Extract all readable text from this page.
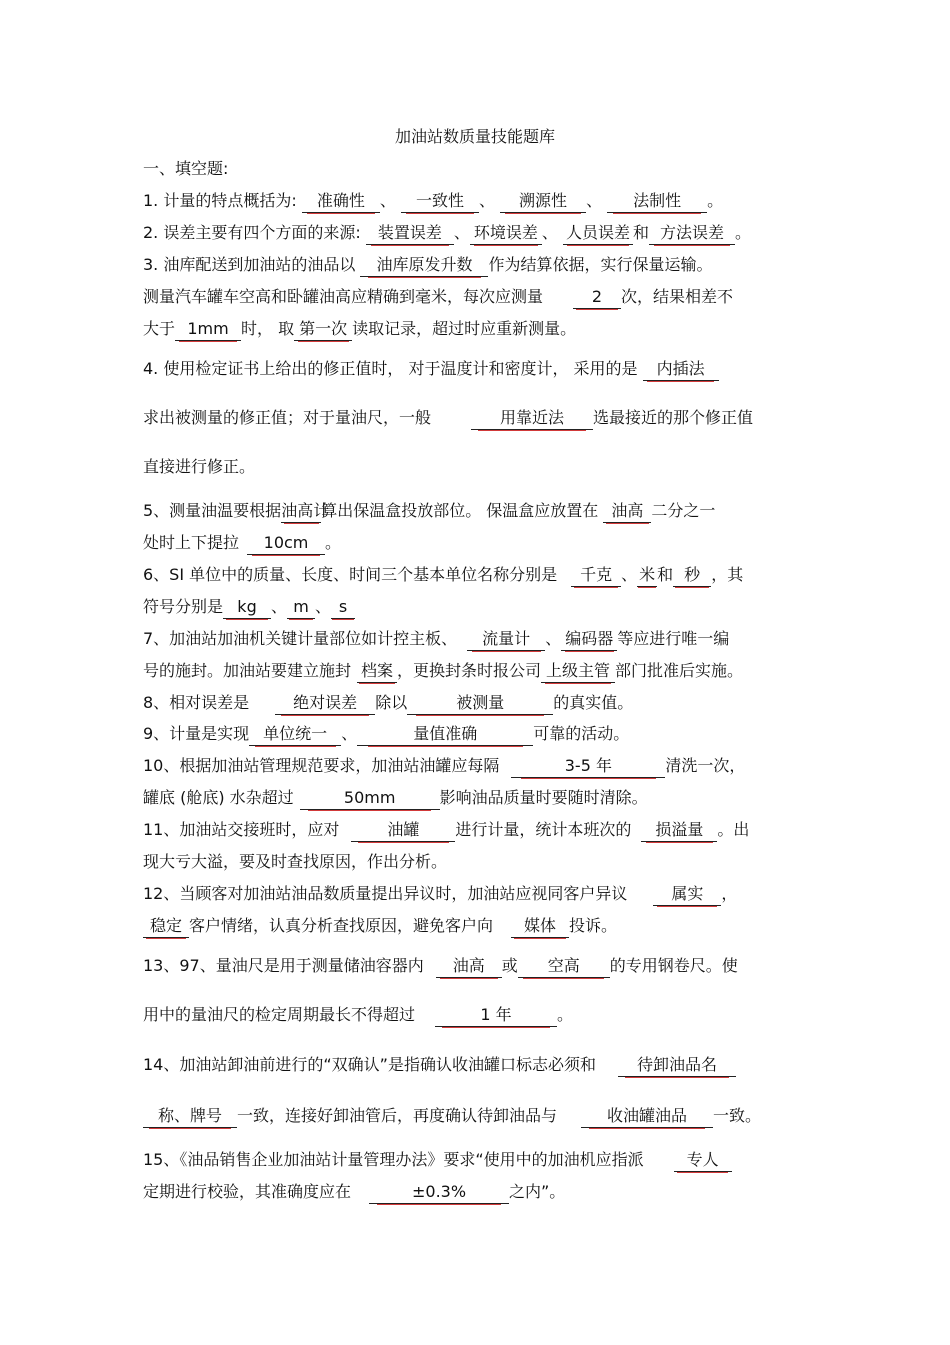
加油站数质量技能题库
一、填空题:
1. 计量的特点概括为: 准确性 、 一致性 、 溯源性 、 法制性 。
2. 误差主要有四个方面的来源: 装置误差 、 环境误差 、 人员误差 和 方法误差 。
3. 油库配送到加油站的油品以 油库原发升数 作为结算依据，实行保量运输。
测量汽车罐车空高和卧罐油高应精确到毫米，每次应测量	2 次，结果相差不
大于 1mm 时， 取 第一次 读取记录，超过时应重新测量。
4. 使用检定证书上给出的修正值时， 对于温度计和密度计， 采用的是 内插法
求出被测量的修正值；对于量油尺，一般	用靠近法 选最接近的那个修正值
直接进行修正。
5、测量油温要根据油高计算出保温盒投放部位。 保温盒应放置在 油高 二分之一
处时上下提拉 10cm 。
6、SI 单位中的质量、长度、时间三个基本单位名称分别是 千克 、 米 和 秒 ，其
符号分别是 kg 、 m 、 s
7、加油站加油机关键计量部位如计控主板、 流量计 、 编码器 等应进行唯一编
号的施封。加油站要建立施封 档案 ，更换封条时报公司 上级主管 部门批准后实施。
8、相对误差是	绝对误差 除以	被测量	的真实值。
9、计量是实现 单位统一 、	量值准确	可靠的活动。
10、根据加油站管理规范要求，加油站油罐应每隔	3-5 年	清洗一次，
罐底 (舱底) 水杂超过	50mm	影响油品质量时要随时清除。
11、加油站交接班时，应对	油罐 进行计量，统计本班次的 损溢量 。出
现大亏大溢，要及时查找原因，作出分析。
12、当顾客对加油站油品数质量提出异议时，加油站应视同客户异议	属实 ，
稳定 客户情绪，认真分析查找原因，避免客户向 媒体 投诉。
13、97、量油尺是用于测量储油容器内 油高 或 空高 的专用钢卷尺。使
用中的量油尺的检定周期最长不得超过	1 年	。
14、加油站卸油前进行的“双确认”是指确认收油罐口标志必须和	待卸油品名
称、牌号 一致，连接好卸油管后，再度确认待卸油品与	收油罐油品 一致。
15、《油品销售企业加油站计量管理办法》要求“使用中的加油机应指派	专人
定期进行校验，其准确度应在	±0.3%	之内”。
